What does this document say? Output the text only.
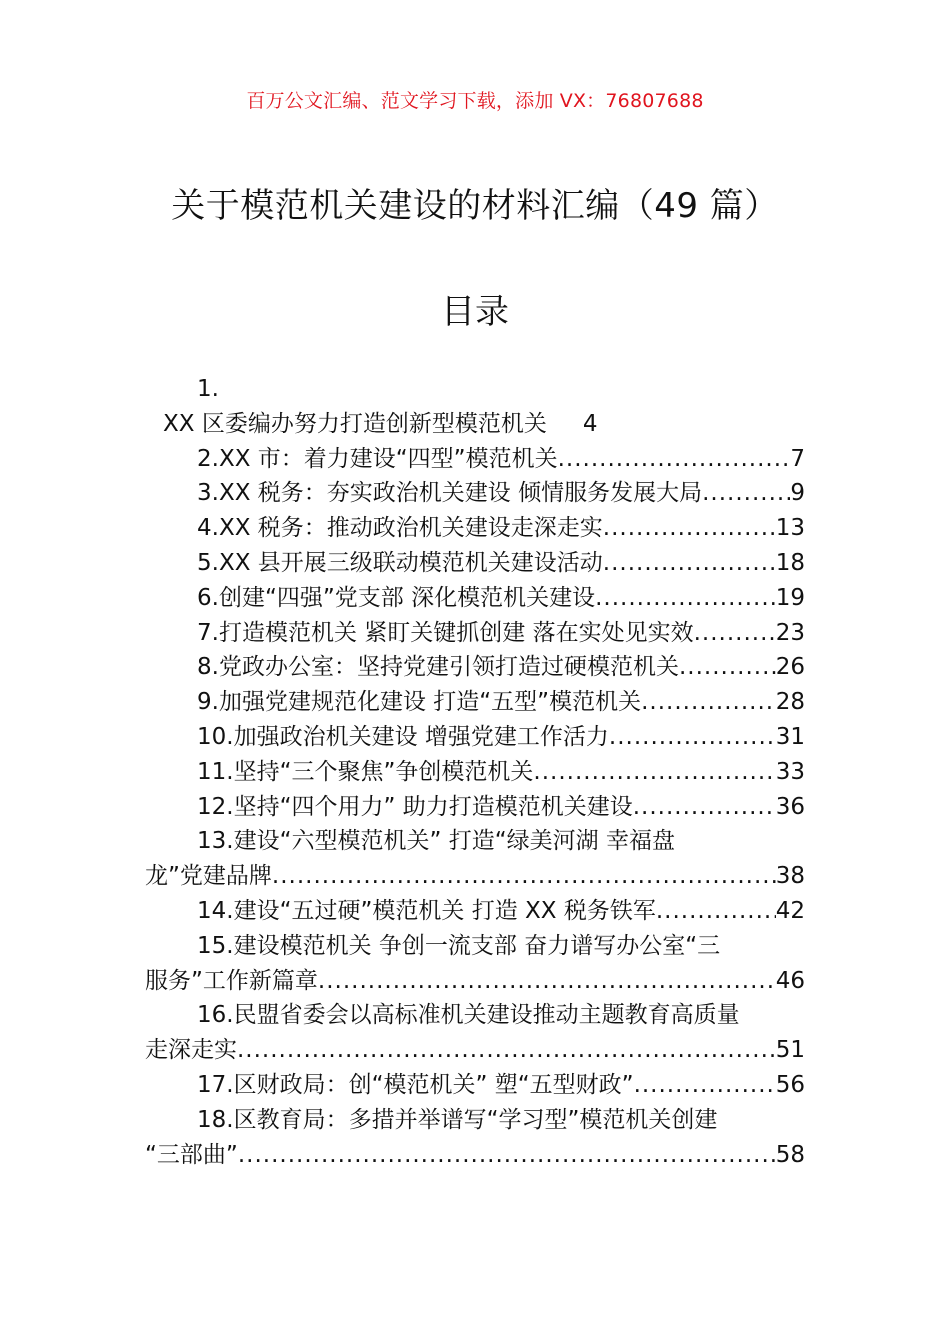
百万公文汇编、范文学习下载，添加 VX：76807688
关于模范机关建设的材料汇编（49 篇）
目录
1.
XX 区委编办努力打造创新型模范机关 4
2.XX 市：着力建设“四型”模范机关 .....	7
3.XX 税务：夯实政治机关建设 倾情服务发展大局 .....	9
4.XX 税务：推动政治机关建设走深走实 .....	13
5.XX 县开展三级联动模范机关建设活动 .....	18
6.创建“四强”党支部 深化模范机关建设 .....	19
7.打造模范机关 紧盯关键抓创建 落在实处见实效 .....	23
8.党政办公室：坚持党建引领打造过硬模范机关 .....	26
9.加强党建规范化建设 打造“五型”模范机关 .....	28
10.加强政治机关建设 增强党建工作活力 .....	31
11.坚持“三个聚焦”争创模范机关 .....	33
12.坚持“四个用力” 助力打造模范机关建设 .....	36
13.建设“六型模范机关” 打造“绿美河湖 幸福盘
龙”党建品牌 .....	38
14.建设“五过硬”模范机关 打造 XX 税务铁军 .....	42
15.建设模范机关 争创一流支部 奋力谱写办公室“三
服务”工作新篇章 .....	46
16.民盟省委会以高标准机关建设推动主题教育高质量
走深走实 .....	51
17.区财政局：创“模范机关” 塑“五型财政” .....	56
18.区教育局：多措并举谱写“学习型”模范机关创建
“三部曲” .....	58
